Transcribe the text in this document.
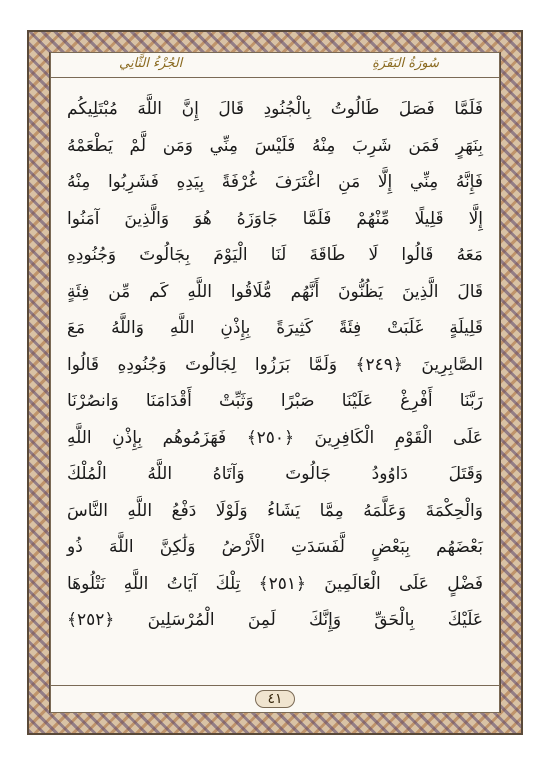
الجُزْءُ الثَّانِي	سُورَةُ البَقَرَةِ
فَلَمَّا فَصَلَ طَالُوتُ بِالْجُنُودِ قَالَ إِنَّ اللَّهَ مُبْتَلِيكُم
بِنَهَرٍ فَمَن شَرِبَ مِنْهُ فَلَيْسَ مِنِّي وَمَن لَّمْ يَطْعَمْهُ
فَإِنَّهُ مِنِّي إِلَّا مَنِ اغْتَرَفَ غُرْفَةً بِيَدِهِ فَشَرِبُوا مِنْهُ
إِلَّا قَلِيلًا مِّنْهُمْ فَلَمَّا جَاوَزَهُ هُوَ وَالَّذِينَ آمَنُوا
مَعَهُ قَالُوا لَا طَاقَةَ لَنَا الْيَوْمَ بِجَالُوتَ وَجُنُودِهِ
قَالَ الَّذِينَ يَظُنُّونَ أَنَّهُم مُّلَاقُوا اللَّهِ كَم مِّن فِئَةٍ
قَلِيلَةٍ غَلَبَتْ فِئَةً كَثِيرَةً بِإِذْنِ اللَّهِ وَاللَّهُ مَعَ
الصَّابِرِينَ ﴿٢٤٩﴾ وَلَمَّا بَرَزُوا لِجَالُوتَ وَجُنُودِهِ قَالُوا
رَبَّنَا أَفْرِغْ عَلَيْنَا صَبْرًا وَثَبِّتْ أَقْدَامَنَا وَانصُرْنَا
عَلَى الْقَوْمِ الْكَافِرِينَ ﴿٢٥٠﴾ فَهَزَمُوهُم بِإِذْنِ اللَّهِ
وَقَتَلَ دَاوُودُ جَالُوتَ وَآتَاهُ اللَّهُ الْمُلْكَ
وَالْحِكْمَةَ وَعَلَّمَهُ مِمَّا يَشَاءُ وَلَوْلَا دَفْعُ اللَّهِ النَّاسَ
بَعْضَهُم بِبَعْضٍ لَّفَسَدَتِ الْأَرْضُ وَلَٰكِنَّ اللَّهَ ذُو
فَضْلٍ عَلَى الْعَالَمِينَ ﴿٢٥١﴾ تِلْكَ آيَاتُ اللَّهِ نَتْلُوهَا
عَلَيْكَ بِالْحَقِّ وَإِنَّكَ لَمِنَ الْمُرْسَلِينَ ﴿٢٥٢﴾
٤١
